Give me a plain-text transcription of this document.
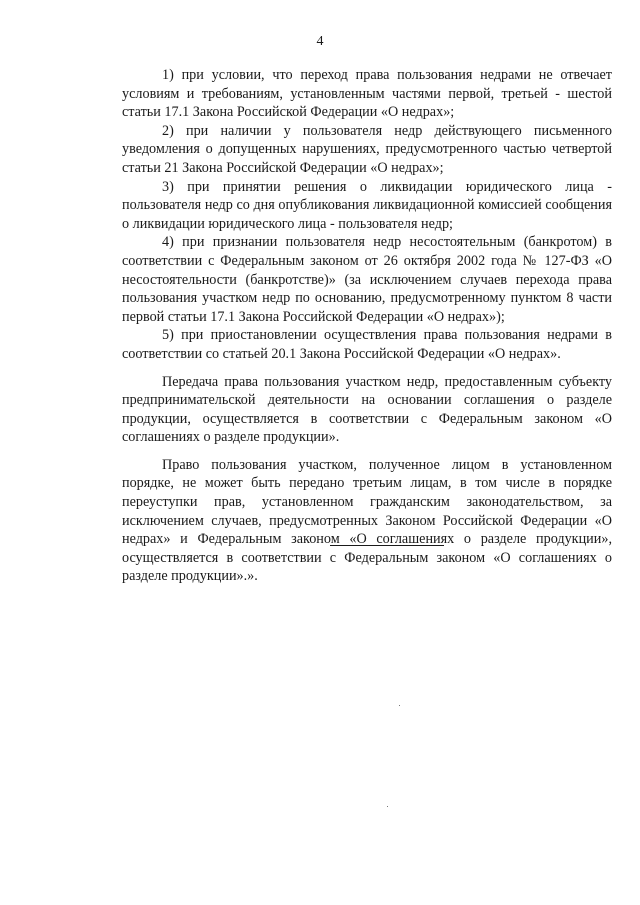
4

1) при условии, что переход права пользования недрами не отвечает условиям и требованиям, установленным частями первой, третьей - шестой статьи 17.1 Закона Российской Федерации «О недрах»;

2) при наличии у пользователя недр действующего письменного уведомления о допущенных нарушениях, предусмотренного частью четвертой статьи 21 Закона Российской Федерации «О недрах»;

3) при принятии решения о ликвидации юридического лица - пользователя недр со дня опубликования ликвидационной комиссией сообщения о ликвидации юридического лица - пользователя недр;

4) при признании пользователя недр несостоятельным (банкротом) в соответствии с Федеральным законом от 26 октября 2002 года № 127-ФЗ «О несостоятельности (банкротстве)» (за исключением случаев перехода права пользования участком недр по основанию, предусмотренному пунктом 8 части первой статьи 17.1 Закона Российской Федерации «О недрах»);

5) при приостановлении осуществления права пользования недрами в соответствии со статьей 20.1 Закона Российской Федерации «О недрах».

Передача права пользования участком недр, предоставленным субъекту предпринимательской деятельности на основании соглашения о разделе продукции, осуществляется в соответствии с Федеральным законом «О соглашениях о разделе продукции».

Право пользования участком, полученное лицом в установленном порядке, не может быть передано третьим лицам, в том числе в порядке переуступки прав, установленном гражданским законодательством, за исключением случаев, предусмотренных Законом Российской Федерации «О недрах» и Федеральным законом «О соглашениях о разделе продукции», осуществляется в соответствии с Федеральным законом «О соглашениях о разделе продукции».».
